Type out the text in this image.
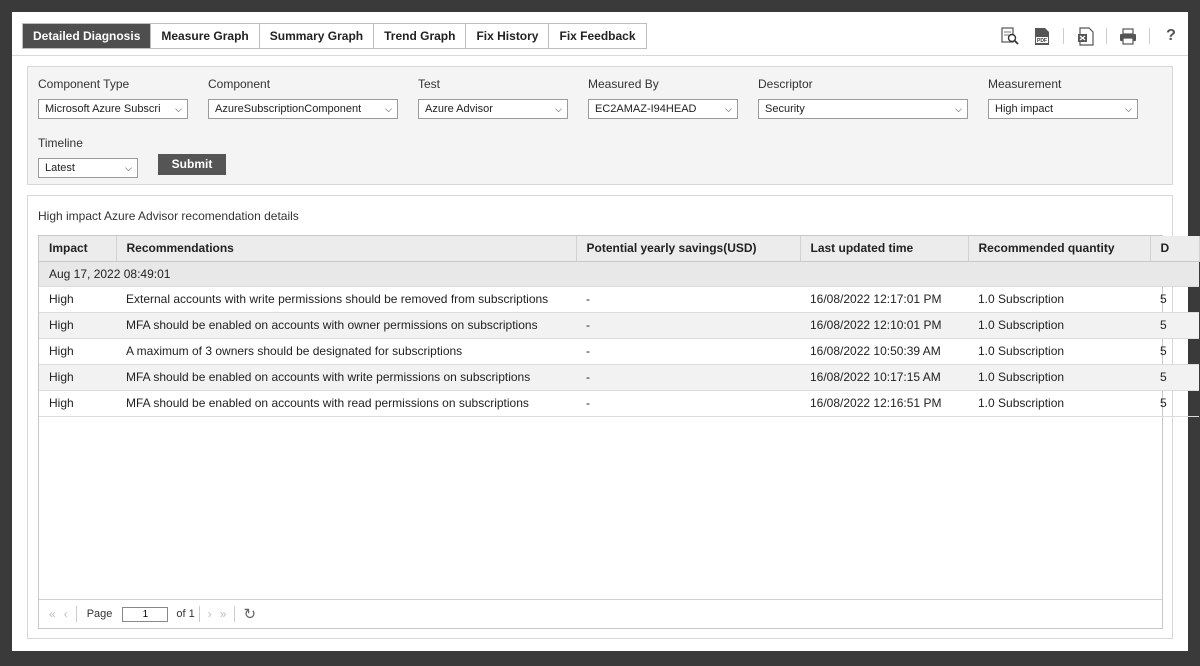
Detailed Diagnosis	Measure Graph	Summary Graph	Trend Graph	Fix History	Fix Feedback	PDF	?
Component Type
Microsoft Azure Subscri ⌵
Component
AzureSubscriptionComponent	⌵
Test
Azure Advisor	⌵
Measured By
EC2AMAZ-I94HEAD	⌵
Descriptor
Security	⌵
Measurement
High impact	⌵
Timeline
Latest	⌵	Submit
High impact Azure Advisor recomendation details
Impact	Recommendations	Potential yearly savings(USD)	Last updated time	Recommended quantity	D
Aug 17, 2022 08:49:01					
High	External accounts with write permissions should be removed from subscriptions	-	16/08/2022 12:17:01 PM	1.0 Subscription	5
High	MFA should be enabled on accounts with owner permissions on subscriptions	-	16/08/2022 12:10:01 PM	1.0 Subscription	5
High	A maximum of 3 owners should be designated for subscriptions	-	16/08/2022 10:50:39 AM	1.0 Subscription	5
High	MFA should be enabled on accounts with write permissions on subscriptions	-	16/08/2022 10:17:15 AM	1.0 Subscription	5
High	MFA should be enabled on accounts with read permissions on subscriptions	-	16/08/2022 12:16:51 PM	1.0 Subscription	5
« ‹ Page
1	of 1 › » ↻
